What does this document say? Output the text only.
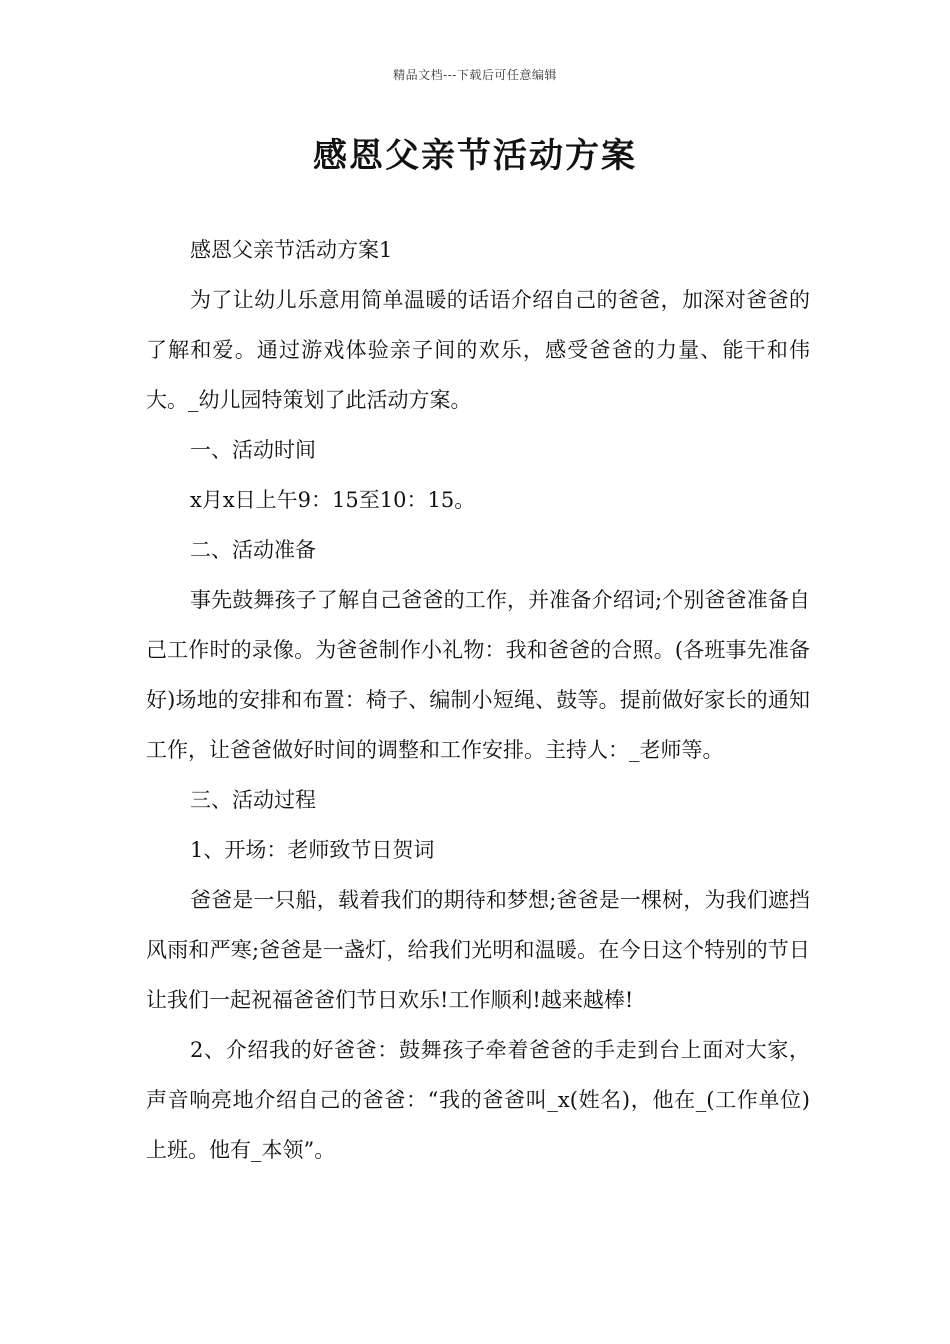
精品文档---下载后可任意编辑
感恩父亲节活动方案

感恩父亲节活动方案1

为了让幼儿乐意用简单温暖的话语介绍自己的爸爸，加深对爸爸的了解和爱。通过游戏体验亲子间的欢乐，感受爸爸的力量、能干和伟大。_幼儿园特策划了此活动方案。

一、活动时间

x月x日上午9：15至10：15。

二、活动准备

事先鼓舞孩子了解自己爸爸的工作，并准备介绍词;个别爸爸准备自己工作时的录像。为爸爸制作小礼物：我和爸爸的合照。(各班事先准备好)场地的安排和布置：椅子、编制小短绳、鼓等。提前做好家长的通知工作，让爸爸做好时间的调整和工作安排。主持人：_老师等。

三、活动过程

1、开场：老师致节日贺词

爸爸是一只船，载着我们的期待和梦想;爸爸是一棵树，为我们遮挡风雨和严寒;爸爸是一盏灯，给我们光明和温暖。在今日这个特别的节日让我们一起祝福爸爸们节日欢乐!工作顺利!越来越棒!

2、介绍我的好爸爸：鼓舞孩子牵着爸爸的手走到台上面对大家，声音响亮地介绍自己的爸爸：“我的爸爸叫_x(姓名)，他在_(工作单位)上班。他有_本领”。
